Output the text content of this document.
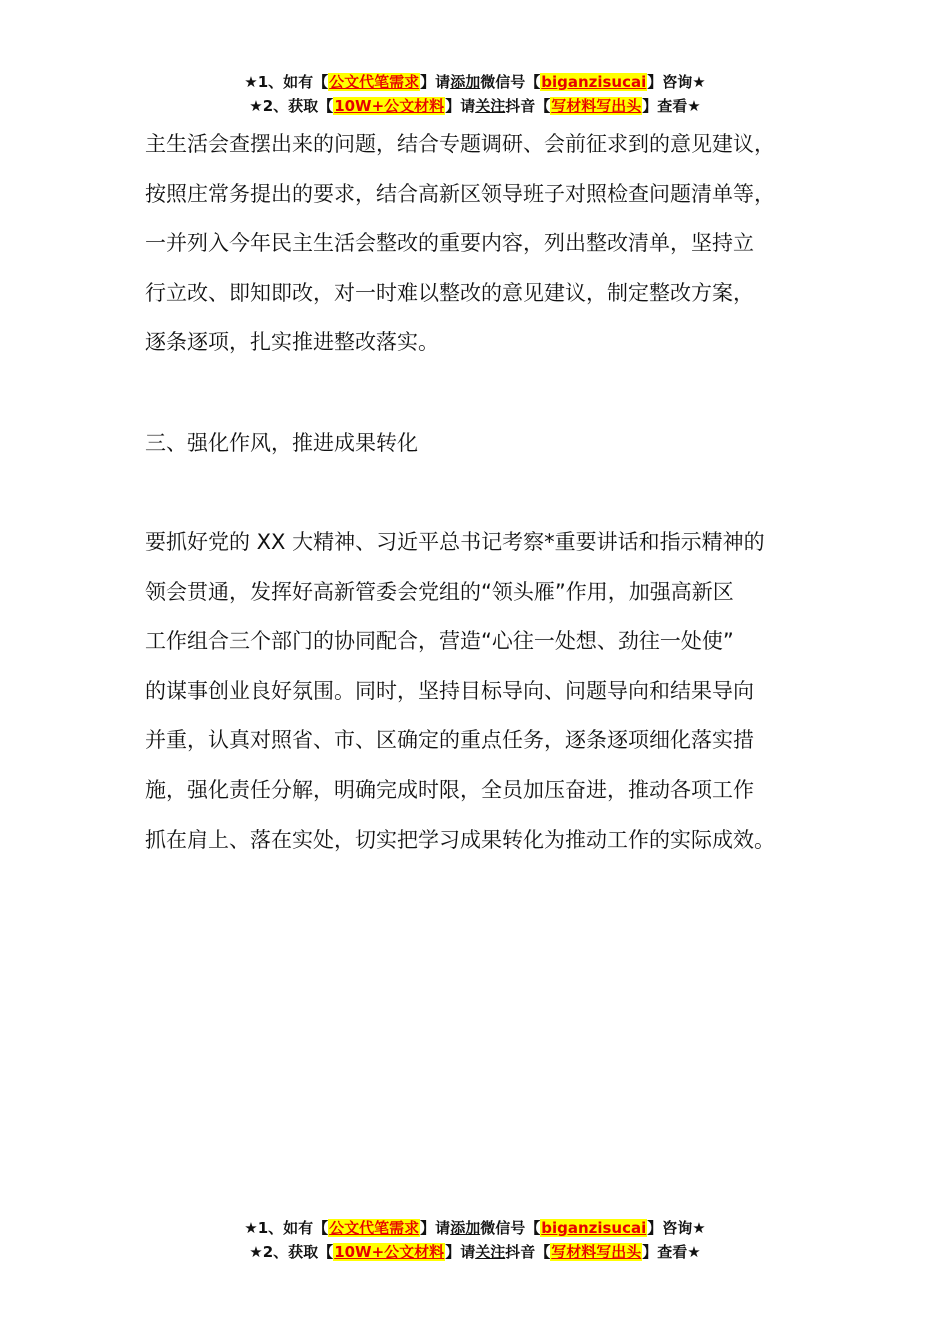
★1、如有【公文代笔需求】请添加微信号【biganzisucai】咨询★
★2、获取【10W+公文材料】请关注抖音【写材料写出头】查看★

主生活会查摆出来的问题，结合专题调研、会前征求到的意见建议，

按照庄常务提出的要求，结合高新区领导班子对照检查问题清单等，

一并列入今年民主生活会整改的重要内容，列出整改清单，坚持立

行立改、即知即改，对一时难以整改的意见建议，制定整改方案，

逐条逐项，扎实推进整改落实。

三、强化作风，推进成果转化

要抓好党的 XX 大精神、习近平总书记考察*重要讲话和指示精神的

领会贯通，发挥好高新管委会党组的“领头雁”作用，加强高新区

工作组合三个部门的协同配合，营造“心往一处想、劲往一处使”

的谋事创业良好氛围。同时，坚持目标导向、问题导向和结果导向

并重，认真对照省、市、区确定的重点任务，逐条逐项细化落实措

施，强化责任分解，明确完成时限，全员加压奋进，推动各项工作

抓在肩上、落在实处，切实把学习成果转化为推动工作的实际成效。

★1、如有【公文代笔需求】请添加微信号【biganzisucai】咨询★
★2、获取【10W+公文材料】请关注抖音【写材料写出头】查看★
